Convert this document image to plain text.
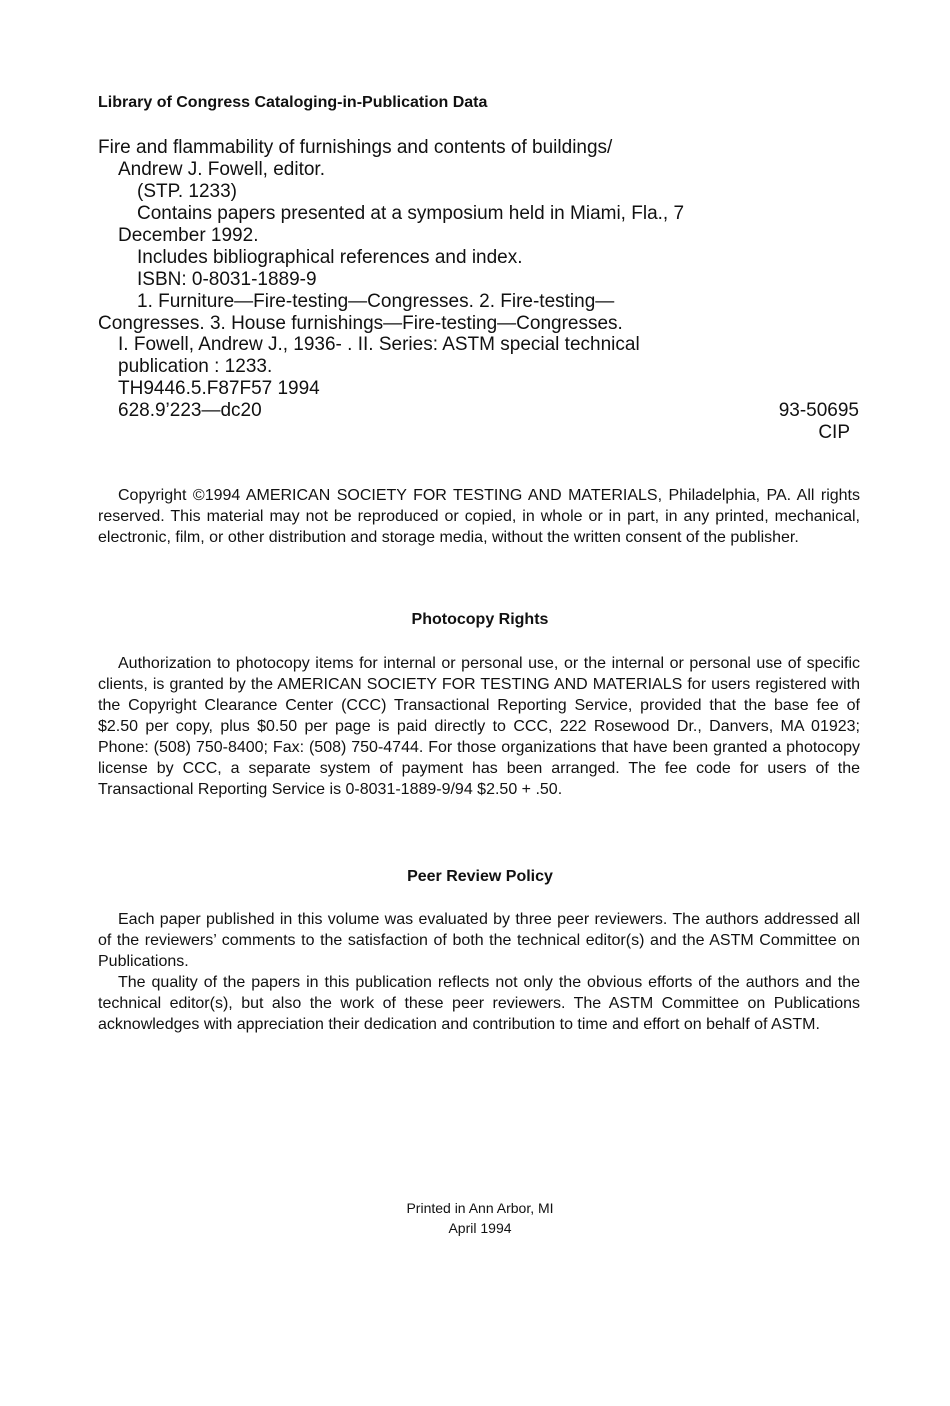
Library of Congress Cataloging-in-Publication Data

Fire and flammability of furnishings and contents of buildings/

Andrew J. Fowell, editor.

(STP. 1233)

Contains papers presented at a symposium held in Miami, Fla., 7

December 1992.

Includes bibliographical references and index.

ISBN: 0-8031-1889-9

1. Furniture—Fire-testing—Congresses. 2. Fire-testing—

Congresses. 3. House furnishings—Fire-testing—Congresses.

I. Fowell, Andrew J., 1936- . II. Series: ASTM special technical

publication : 1233.

TH9446.5.F87F57 1994

628.9’223—dc20	93-50695

CIP

Copyright ©1994 AMERICAN SOCIETY FOR TESTING AND MATERIALS, Philadelphia, PA. All rights reserved. This material may not be reproduced or copied, in whole or in part, in any printed, mechanical, electronic, film, or other distribution and storage media, without the written consent of the publisher.

Photocopy Rights

Authorization to photocopy items for internal or personal use, or the internal or personal use of specific clients, is granted by the AMERICAN SOCIETY FOR TESTING AND MATERIALS for users registered with the Copyright Clearance Center (CCC) Transactional Reporting Service, provided that the base fee of $2.50 per copy, plus $0.50 per page is paid directly to CCC, 222 Rosewood Dr., Danvers, MA 01923; Phone: (508) 750-8400; Fax: (508) 750-4744. For those organizations that have been granted a photocopy license by CCC, a separate system of payment has been arranged. The fee code for users of the Transactional Reporting Service is 0-8031-1889-9/94 $2.50 + .50.

Peer Review Policy

Each paper published in this volume was evaluated by three peer reviewers. The authors addressed all of the reviewers’ comments to the satisfaction of both the technical editor(s) and the ASTM Committee on Publications.

The quality of the papers in this publication reflects not only the obvious efforts of the authors and the technical editor(s), but also the work of these peer reviewers. The ASTM Committee on Publications acknowledges with appreciation their dedication and contribution to time and effort on behalf of ASTM.

Printed in Ann Arbor, MI

April 1994
